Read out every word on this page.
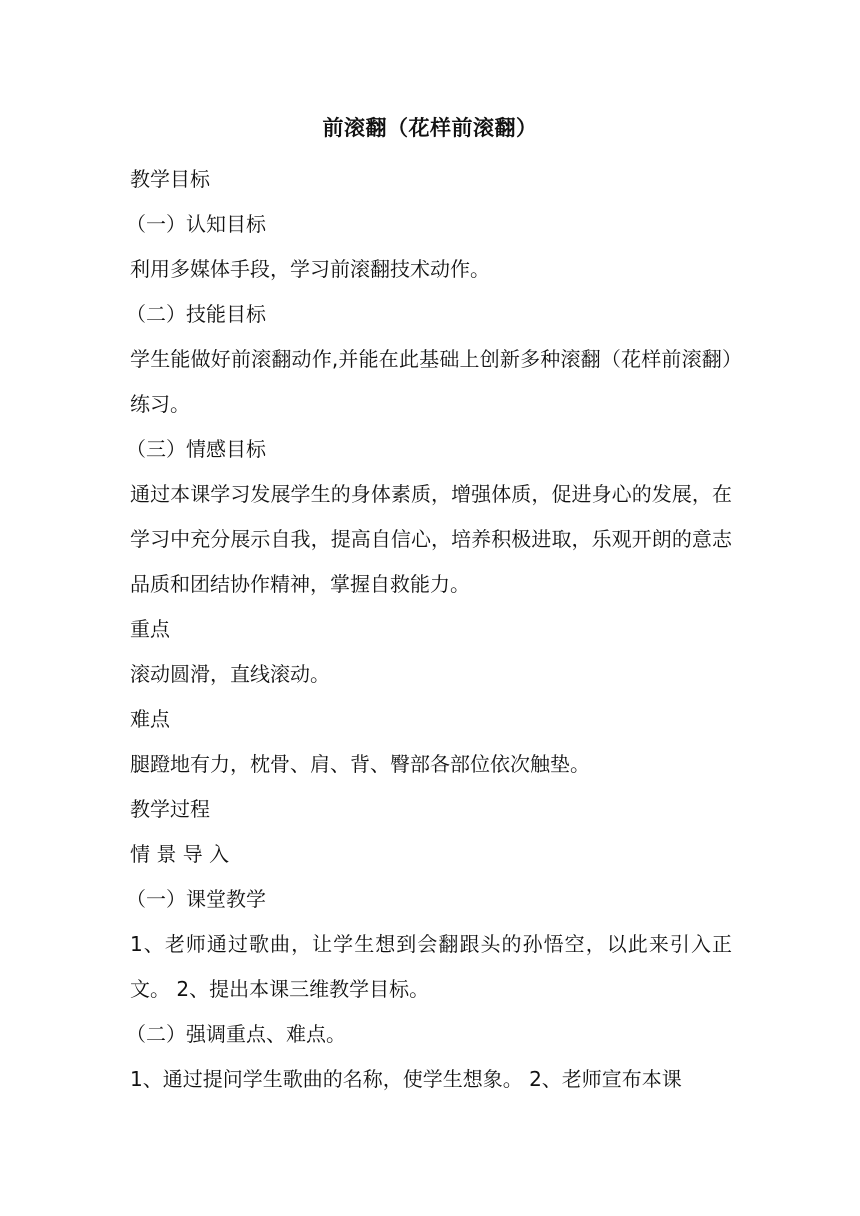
前滚翻（花样前滚翻）

教学目标

（一）认知目标

利用多媒体手段，学习前滚翻技术动作。

（二）技能目标

学生能做好前滚翻动作,并能在此基础上创新多种滚翻（花样前滚翻）练习。

（三）情感目标

通过本课学习发展学生的身体素质，增强体质，促进身心的发展，在学习中充分展示自我，提高自信心，培养积极进取，乐观开朗的意志品质和团结协作精神，掌握自救能力。

重点

滚动圆滑，直线滚动。

难点

腿蹬地有力，枕骨、肩、背、臀部各部位依次触垫。

教学过程

情 景 导 入

（一）课堂教学

1、老师通过歌曲，让学生想到会翻跟头的孙悟空，以此来引入正文。 2、提出本课三维教学目标。

（二）强调重点、难点。

1、通过提问学生歌曲的名称，使学生想象。 2、老师宣布本课
